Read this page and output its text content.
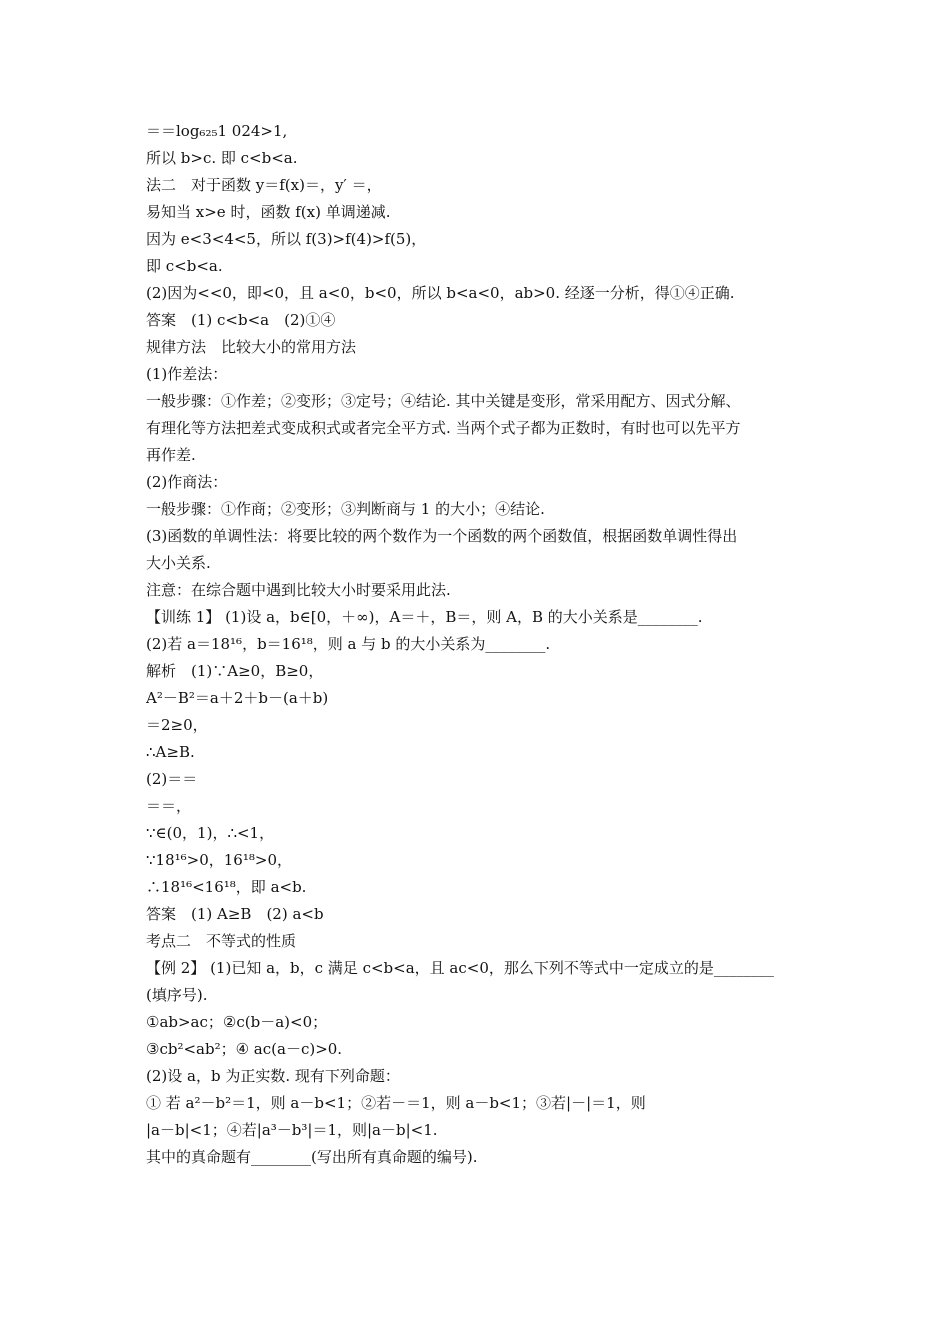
＝＝log₆₂₅1 024>1,
所以 b>c. 即 c<b<a.
法二　对于函数 y＝f(x)＝，y′ ＝，
易知当 x>e 时，函数 f(x) 单调递减.
因为 e<3<4<5，所以 f(3)>f(4)>f(5)，
即 c<b<a.
(2)因为<<0，即<0，且 a<0，b<0，所以 b<a<0，ab>0. 经逐一分析，得①④正确.
答案　(1) c<b<a　(2)①④
规律方法　比较大小的常用方法
(1)作差法：
一般步骤：①作差；②变形；③定号；④结论. 其中关键是变形，常采用配方、因式分解、
有理化等方法把差式变成积式或者完全平方式. 当两个式子都为正数时，有时也可以先平方
再作差.
(2)作商法：
一般步骤：①作商；②变形；③判断商与 1 的大小；④结论.
(3)函数的单调性法：将要比较的两个数作为一个函数的两个函数值，根据函数单调性得出
大小关系.
注意：在综合题中遇到比较大小时要采用此法.
【训练 1】 (1)设 a，b∈[0，＋∞)，A＝＋，B＝，则 A，B 的大小关系是________.
(2)若 a＝18¹⁶，b＝16¹⁸，则 a 与 b 的大小关系为________.
解析　(1)∵A≥0，B≥0，
A²－B²＝a＋2＋b－(a＋b)
＝2≥0，
∴A≥B.
(2)＝＝
＝＝，
∵∈(0，1)，∴<1，
∵18¹⁶>0，16¹⁸>0，
∴18¹⁶<16¹⁸，即 a<b.
答案　(1) A≥B　(2) a<b
考点二　不等式的性质
【例 2】 (1)已知 a，b，c 满足 c<b<a，且 ac<0，那么下列不等式中一定成立的是________
(填序号).
①ab>ac；②c(b－a)<0；
③cb²<ab²；④ ac(a－c)>0.
(2)设 a，b 为正实数. 现有下列命题：
① 若 a²－b²＝1，则 a－b<1；②若－＝1，则 a－b<1；③若|－|＝1，则
|a－b|<1；④若|a³－b³|＝1，则|a－b|<1.
其中的真命题有________(写出所有真命题的编号).
